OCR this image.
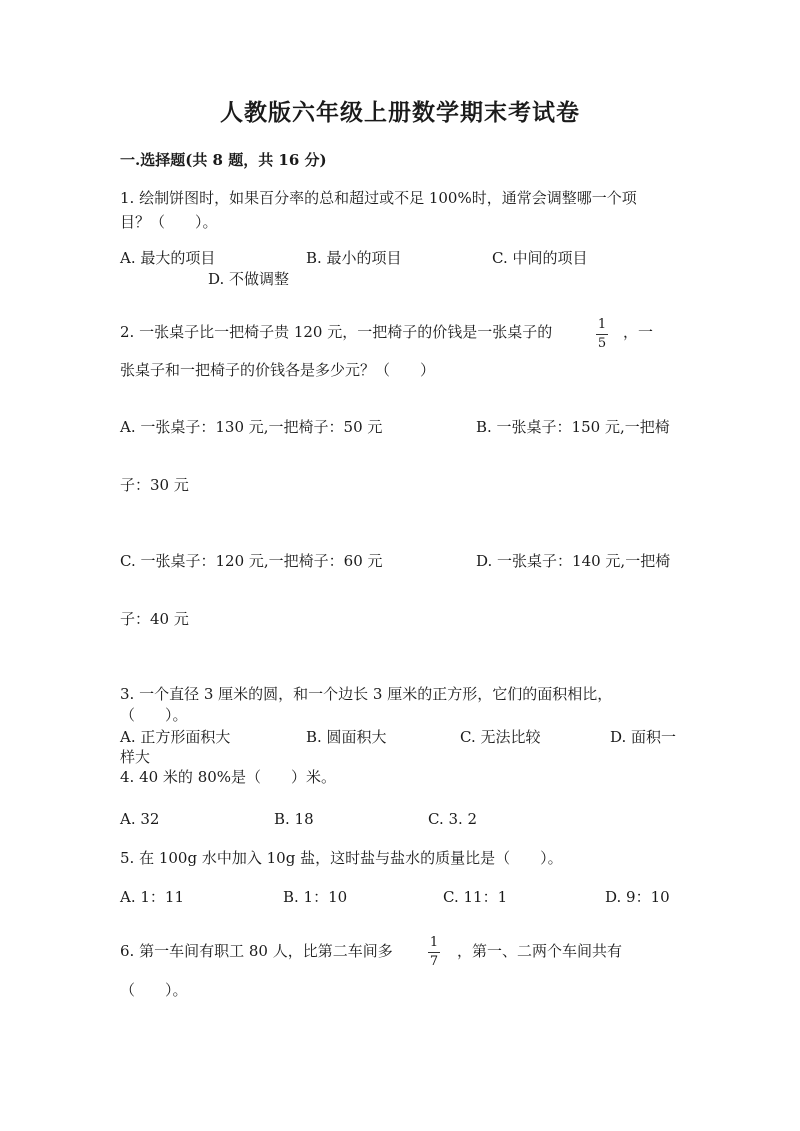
人教版六年级上册数学期末考试卷
一.选择题(共 8 题，共 16 分)
1. 绘制饼图时，如果百分率的总和超过或不足 100%时，通常会调整哪一个项
目？（　　）。
A. 最大的项目	B. 最小的项目	C. 中间的项目
D. 不做调整
2. 一张桌子比一把椅子贵 120 元，一把椅子的价钱是一张桌子的	1
5
，一
张桌子和一把椅子的价钱各是多少元？（　　）
A. 一张桌子：130 元,一把椅子：50 元	B. 一张桌子：150 元,一把椅
子：30 元
C. 一张桌子：120 元,一把椅子：60 元	D. 一张桌子：140 元,一把椅
子：40 元
3. 一个直径 3 厘米的圆，和一个边长 3 厘米的正方形，它们的面积相比，
（　　）。
A. 正方形面积大	B. 圆面积大	C. 无法比较	D. 面积一
样大
4. 40 米的 80%是（　　）米。
A. 32	B. 18	C. 3. 2
5. 在 100g 水中加入 10g 盐，这时盐与盐水的质量比是（　　）。
A. 1：11	B. 1：10	C. 11：1	D. 9：10
6. 第一车间有职工 80 人，比第二车间多	1
7
，第一、二两个车间共有
（　　）。
